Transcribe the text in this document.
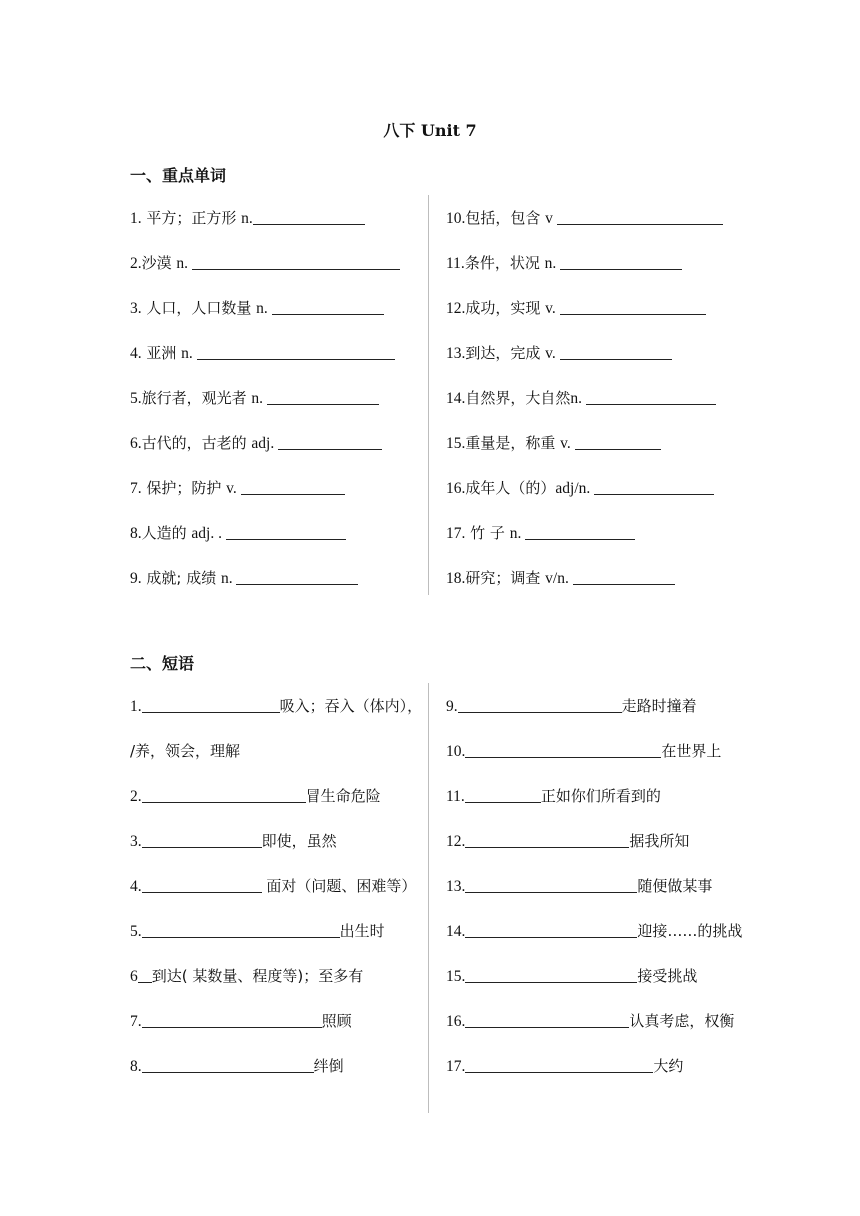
八下 Unit 7
一、重点单词
1. 平方；正方形 n.
2.沙漠 n.
3. 人口，人口数量 n.
4. 亚洲 n.
5.旅行者，观光者 n.
6.古代的，古老的 adj.
7. 保护；防护 v.
8.人造的 adj. .
9. 成就; 成绩 n.
10.包括，包含 v
11.条件，状况 n.
12.成功，实现 v.
13.到达，完成 v.
14.自然界，大自然n.
15.重量是，称重 v.
16.成年人（的）adj/n.
17. 竹 子 n.
18.研究；调查 v/n.
二、短语
1.	吸入；吞入（体内），
/养，领会，理解
2.	冒生命危险
3.	即使，虽然
4.	面对（问题、困难等）
5.	出生时
6 到达( 某数量、程度等)；至多有
7.	照顾
8.	绊倒
9.	走路时撞着
10.	在世界上
11.	正如你们所看到的
12.	据我所知
13.	随便做某事
14.	迎接……的挑战
15.	接受挑战
16.	认真考虑，权衡
17.	大约
